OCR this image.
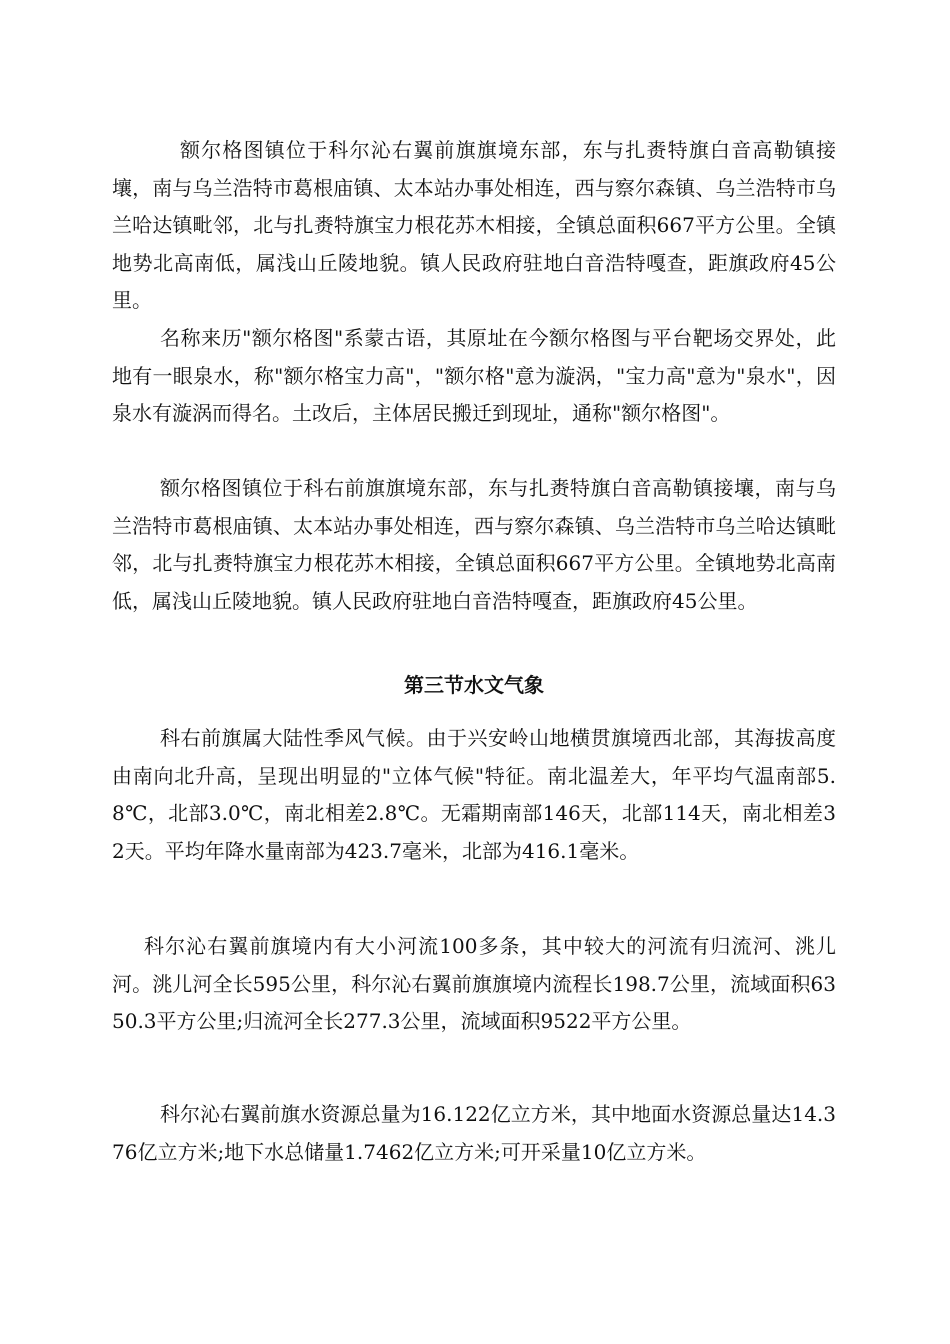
额尔格图镇位于科尔沁右翼前旗旗境东部，东与扎赉特旗白音高勒镇接壤，南与乌兰浩特市葛根庙镇、太本站办事处相连，西与察尔森镇、乌兰浩特市乌兰哈达镇毗邻，北与扎赉特旗宝力根花苏木相接，全镇总面积667平方公里。全镇地势北高南低，属浅山丘陵地貌。镇人民政府驻地白音浩特嘎查，距旗政府45公里。

名称来历"额尔格图"系蒙古语，其原址在今额尔格图与平台靶场交界处，此地有一眼泉水，称"额尔格宝力高"，"额尔格"意为漩涡，"宝力高"意为"泉水"，因泉水有漩涡而得名。土改后，主体居民搬迁到现址，通称"额尔格图"。

额尔格图镇位于科右前旗旗境东部，东与扎赉特旗白音高勒镇接壤，南与乌兰浩特市葛根庙镇、太本站办事处相连，西与察尔森镇、乌兰浩特市乌兰哈达镇毗邻，北与扎赉特旗宝力根花苏木相接，全镇总面积667平方公里。全镇地势北高南低，属浅山丘陵地貌。镇人民政府驻地白音浩特嘎查，距旗政府45公里。

第三节水文气象

科右前旗属大陆性季风气候。由于兴安岭山地横贯旗境西北部，其海拔高度由南向北升高，呈现出明显的"立体气候"特征。南北温差大，年平均气温南部5.8℃，北部3.0℃，南北相差2.8℃。无霜期南部146天，北部114天，南北相差32天。平均年降水量南部为423.7毫米，北部为416.1毫米。

科尔沁右翼前旗境内有大小河流100多条，其中较大的河流有归流河、洮儿河。洮儿河全长595公里，科尔沁右翼前旗旗境内流程长198.7公里，流域面积6350.3平方公里;归流河全长277.3公里，流域面积9522平方公里。

科尔沁右翼前旗水资源总量为16.122亿立方米，其中地面水资源总量达14.376亿立方米;地下水总储量1.7462亿立方米;可开采量10亿立方米。
